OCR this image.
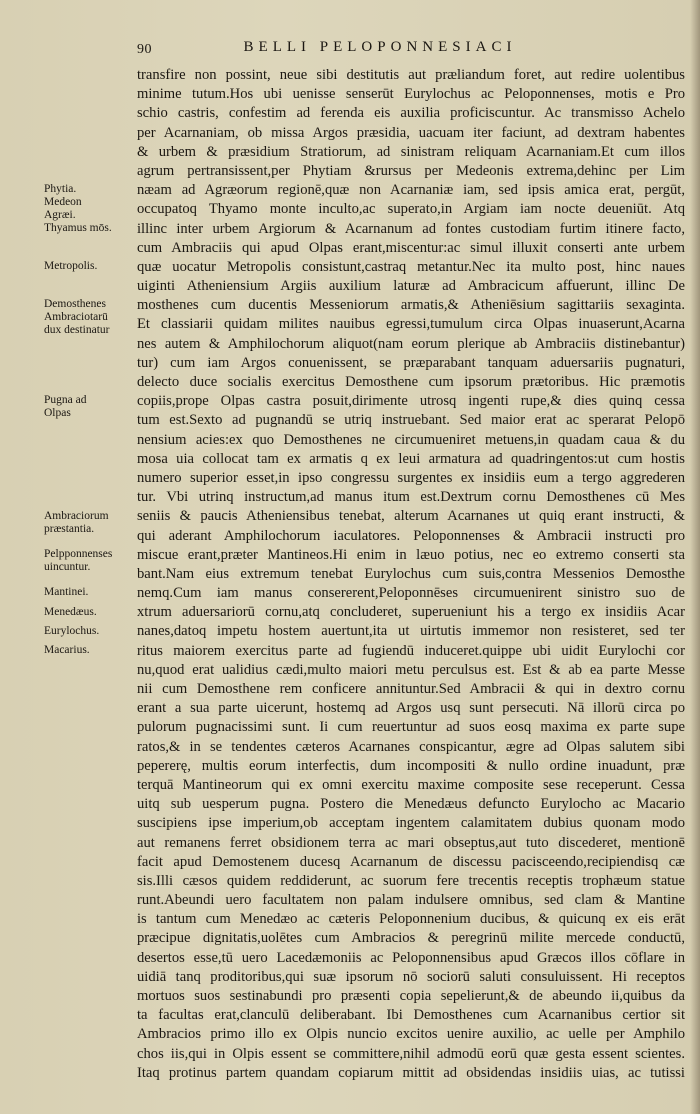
90	BELLI PELOPONNESIACI
transfire non possint, neue sibi destitutis aut præliandum foret, aut redire uolentibus
minime tutum.Hos ubi uenisse senserūt Eurylochus ac Peloponnenses, motis e Pro
schio castris, confestim ad ferenda eis auxilia proficiscuntur. Ac transmisso Achelo
per Acarnaniam, ob missa Argos præsidia, uacuam iter faciunt, ad dextram habentes
& urbem & præsidium Stratiorum, ad sinistram reliquam Acarnaniam.Et cum illos
agrum pertransissent,per Phytiam &rursus per Medeonis extrema,dehinc per Lim
næam ad Agræorum regionē,quæ non Acarnaniæ iam, sed ipsis amica erat, pergūt,
occupatoq Thyamo monte inculto,ac superato,in Argiam iam nocte deueniūt. Atq
illinc inter urbem Argiorum & Acarnanum ad fontes custodiam furtim itinere facto,
cum Ambraciis qui apud Olpas erant,miscentur:ac simul illuxit conserti ante urbem
quæ uocatur Metropolis consistunt,castraq metantur.Nec ita multo post, hinc naues
uiginti Atheniensium Argiis auxilium laturæ ad Ambracicum affuerunt, illinc De
mosthenes cum ducentis Messeniorum armatis,& Atheniēsium sagittariis sexaginta.
Et classiarii quidam milites nauibus egressi,tumulum circa Olpas inuaserunt,Acarna
nes autem & Amphilochorum aliquot(nam eorum plerique ab Ambraciis distinebantur)
tur) cum iam Argos conuenissent, se præparabant tanquam aduersariis pugnaturi,
delecto duce socialis exercitus Demosthene cum ipsorum prætoribus. Hic præmotis
copiis,prope Olpas castra posuit,dirimente utrosq ingenti rupe,& dies quinq cessa
tum est.Sexto ad pugnandū se utriq instruebant. Sed maior erat ac sperarat Pelopō
nensium acies:ex quo Demosthenes ne circumueniret metuens,in quadam caua & du
mosa uia collocat tam ex armatis q ex leui armatura ad quadringentos:ut cum hostis
numero superior esset,in ipso congressu surgentes ex insidiis eum a tergo aggrederen
tur. Vbi utrinq instructum,ad manus itum est.Dextrum cornu Demosthenes cū Mes
seniis & paucis Atheniensibus tenebat, alterum Acarnanes ut quiq erant instructi, &
qui aderant Amphilochorum iaculatores. Peloponnenses & Ambracii instructi pro
miscue erant,præter Mantineos.Hi enim in læuo potius, nec eo extremo conserti sta
bant.Nam eius extremum tenebat Eurylochus cum suis,contra Messenios Demosthe
nemq.Cum iam manus consererent,Peloponnēses circumuenirent sinistro suo de
xtrum aduersariorū cornu,atq concluderet, superueniunt his a tergo ex insidiis Acar
nanes,datoq impetu hostem auertunt,ita ut uirtutis immemor non resisteret, sed ter
ritus maiorem exercitus parte ad fugiendū induceret.quippe ubi uidit Eurylochi cor
nu,quod erat ualidius cædi,multo maiori metu perculsus est. Est & ab ea parte Messe
nii cum Demosthene rem conficere annituntur.Sed Ambracii & qui in dextro cornu
erant a sua parte uicerunt, hostemq ad Argos usq sunt persecuti. Nā illorū circa po
pulorum pugnacissimi sunt. Ii cum reuertuntur ad suos eosq maxima ex parte supe
ratos,& in se tendentes cæteros Acarnanes conspicantur, ægre ad Olpas salutem sibi
pepererę, multis eorum interfectis, dum incompositi & nullo ordine inuadunt, præ
terquā Mantineorum qui ex omni exercitu maxime composite sese receperunt. Cessa
uitq sub uesperum pugna. Postero die Menedæus defuncto Eurylocho ac Macario
suscipiens ipse imperium,ob acceptam ingentem calamitatem dubius quonam modo
aut remanens ferret obsidionem terra ac mari obseptus,aut tuto discederet, mentionē
facit apud Demostenem ducesq Acarnanum de discessu pacisceendo,recipiendisq cæ
sis.Illi cæsos quidem reddiderunt, ac suorum fere trecentis receptis trophæum statue
runt.Abeundi uero facultatem non palam indulsere omnibus, sed clam & Mantine
is tantum cum Menedæo ac cæteris Peloponnenium ducibus, & quicunq ex eis erāt
præcipue dignitatis,uolētes cum Ambracios & peregrinū milite mercede conductū,
desertos esse,tū uero Lacedæmoniis ac Peloponnensibus apud Græcos illos cōflare in
uidiā tanq proditoribus,qui suæ ipsorum nō sociorū saluti consuluissent. Hi receptos
mortuos suos sestinabundi pro præsenti copia sepelierunt,& de abeundo ii,quibus da
ta facultas erat,clanculū deliberabant. Ibi Demosthenes cum Acarnanibus certior sit
Ambracios primo illo ex Olpis nuncio excitos uenire auxilio, ac uelle per Amphilo
chos iis,qui in Olpis essent se committere,nihil admodū eorū quæ gesta essent scientes.
Itaq protinus partem quandam copiarum mittit ad obsidendas insidiis uias, ac tutissi
Phytia.
Medeon
Agræi.
Thyamus mōs.
Metropolis.
Demosthenes
Ambraciotarū
dux destinatur
Pugna ad
Olpas
Ambraciorum
præstantia.
Pelpponnenses
uincuntur.
Mantinei.
Menedæus.
Eurylochus.
Macarius.
